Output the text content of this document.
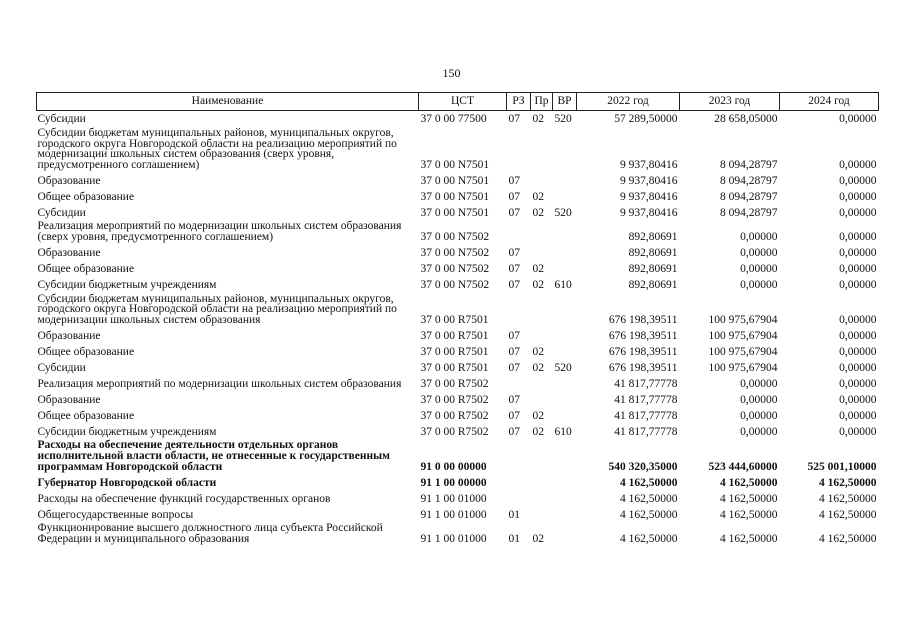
150
Наименование	ЦСТ	РЗ	Пр	ВР	2022 год	2023 год	2024 год
Субсидии	37 0 00 77500	07	02	520	57 289,50000	28 658,05000	0,00000
Субсидии бюджетам муниципальных районов, муниципальных округов, городского округа Новгородской области на реализацию мероприятий по модернизации школьных систем образования (сверх уровня, предусмотренного соглашением)	37 0 00 N7501				9 937,80416	8 094,28797	0,00000
Образование	37 0 00 N7501	07			9 937,80416	8 094,28797	0,00000
Общее образование	37 0 00 N7501	07	02		9 937,80416	8 094,28797	0,00000
Субсидии	37 0 00 N7501	07	02	520	9 937,80416	8 094,28797	0,00000
Реализация мероприятий по модернизации школьных систем образования (сверх уровня, предусмотренного соглашением)	37 0 00 N7502				892,80691	0,00000	0,00000
Образование	37 0 00 N7502	07			892,80691	0,00000	0,00000
Общее образование	37 0 00 N7502	07	02		892,80691	0,00000	0,00000
Субсидии бюджетным учреждениям	37 0 00 N7502	07	02	610	892,80691	0,00000	0,00000
Субсидии бюджетам муниципальных районов, муниципальных округов, городского округа Новгородской области на реализацию мероприятий по модернизации школьных систем образования	37 0 00 R7501				676 198,39511	100 975,67904	0,00000
Образование	37 0 00 R7501	07			676 198,39511	100 975,67904	0,00000
Общее образование	37 0 00 R7501	07	02		676 198,39511	100 975,67904	0,00000
Субсидии	37 0 00 R7501	07	02	520	676 198,39511	100 975,67904	0,00000
Реализация мероприятий по модернизации школьных систем образования	37 0 00 R7502				41 817,77778	0,00000	0,00000
Образование	37 0 00 R7502	07			41 817,77778	0,00000	0,00000
Общее образование	37 0 00 R7502	07	02		41 817,77778	0,00000	0,00000
Субсидии бюджетным учреждениям	37 0 00 R7502	07	02	610	41 817,77778	0,00000	0,00000
Расходы на обеспечение деятельности отдельных органов исполнительной власти области, не отнесенные к государственным программам Новгородской области	91 0 00 00000				540 320,35000	523 444,60000	525 001,10000
Губернатор Новгородской области	91 1 00 00000				4 162,50000	4 162,50000	4 162,50000
Расходы на обеспечение функций государственных органов	91 1 00 01000				4 162,50000	4 162,50000	4 162,50000
Общегосударственные вопросы	91 1 00 01000	01			4 162,50000	4 162,50000	4 162,50000
Функционирование высшего должностного лица субъекта Российской Федерации и муниципального образования	91 1 00 01000	01	02		4 162,50000	4 162,50000	4 162,50000
